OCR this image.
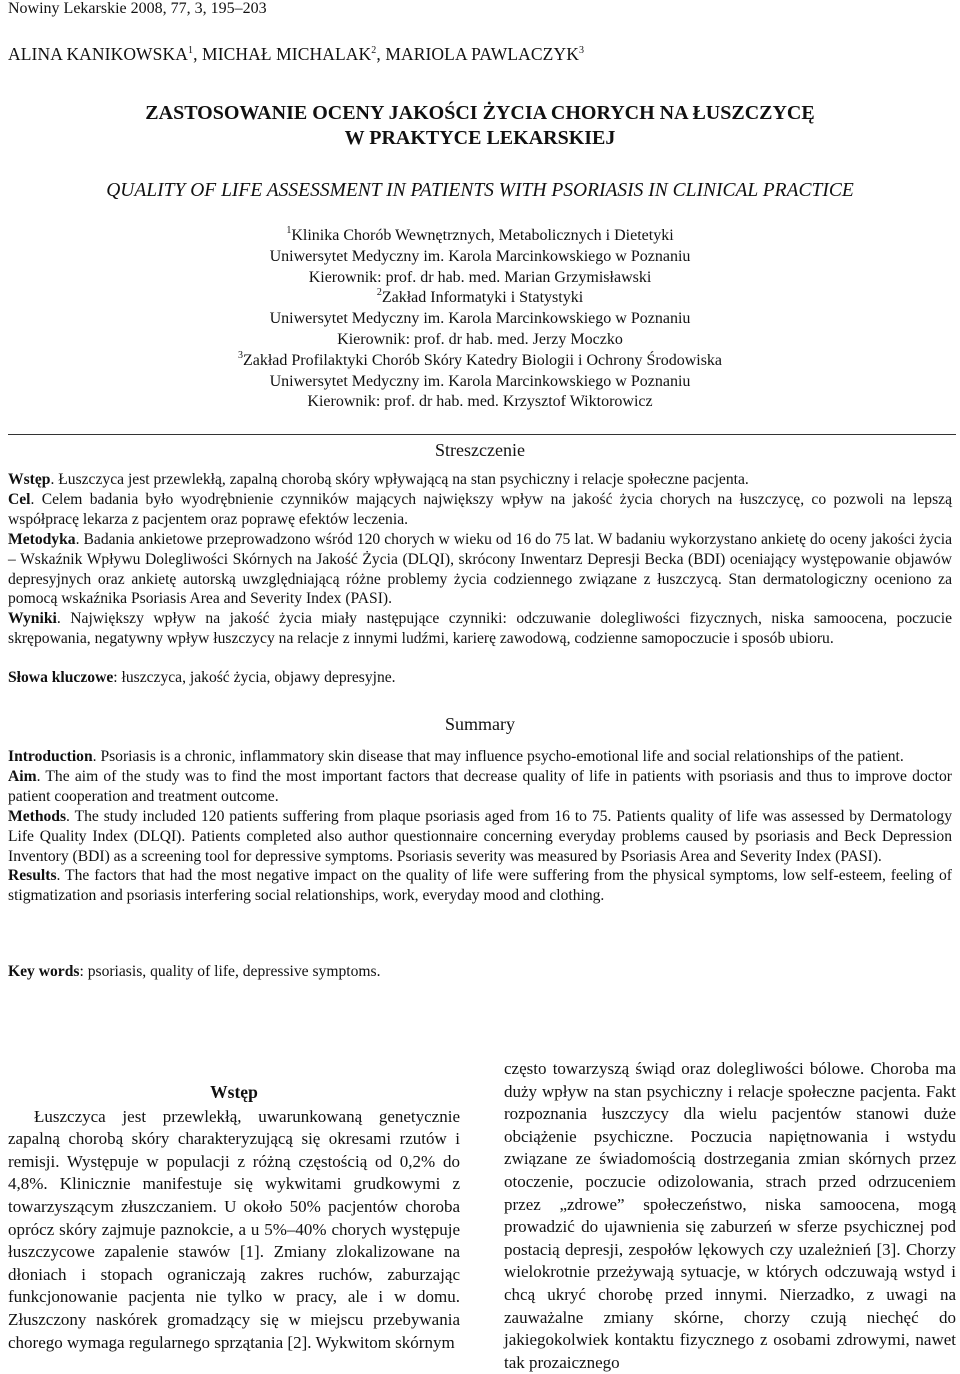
Nowiny Lekarskie 2008, 77, 3, 195–203
ALINA KANIKOWSKA$^1$, MICHAŁ MICHALAK$^2$, MARIOLA PAWLACZYK$^3$
ZASTOSOWANIE OCENY JAKOŚCI ŻYCIA CHORYCH NA ŁUSZCZYCĘ
W PRAKTYCE LEKARSKIEJ
QUALITY OF LIFE ASSESSMENT IN PATIENTS WITH PSORIASIS IN CLINICAL PRACTICE
$^1$Klinika Chorób Wewnętrznych, Metabolicznych i Dietetyki
Uniwersytet Medyczny im. Karola Marcinkowskiego w Poznaniu
Kierownik: prof. dr hab. med. Marian Grzymisławski
$^2$Zakład Informatyki i Statystyki
Uniwersytet Medyczny im. Karola Marcinkowskiego w Poznaniu
Kierownik: prof. dr hab. med. Jerzy Moczko
$^3$Zakład Profilaktyki Chorób Skóry Katedry Biologii i Ochrony Środowiska
Uniwersytet Medyczny im. Karola Marcinkowskiego w Poznaniu
Kierownik: prof. dr hab. med. Krzysztof Wiktorowicz
Streszczenie

Wstęp. Łuszczyca jest przewlekłą, zapalną chorobą skóry wpływającą na stan psychiczny i relacje społeczne pacjenta.

Cel. Celem badania było wyodrębnienie czynników mających największy wpływ na jakość życia chorych na łuszczycę, co pozwoli na lepszą współpracę lekarza z pacjentem oraz poprawę efektów leczenia.

Metodyka. Badania ankietowe przeprowadzono wśród 120 chorych w wieku od 16 do 75 lat. W badaniu wykorzystano ankietę do oceny jakości życia – Wskaźnik Wpływu Dolegliwości Skórnych na Jakość Życia (DLQI), skrócony Inwentarz Depresji Becka (BDI) oceniający występowanie objawów depresyjnych oraz ankietę autorską uwzględniającą różne problemy życia codziennego związane z łuszczycą. Stan dermatologiczny oceniono za pomocą wskaźnika Psoriasis Area and Severity Index (PASI).

Wyniki. Największy wpływ na jakość życia miały następujące czynniki: odczuwanie dolegliwości fizycznych, niska samoocena, poczucie skrępowania, negatywny wpływ łuszczycy na relacje z innymi ludźmi, karierę zawodową, codzienne samopoczucie i sposób ubioru.

Słowa kluczowe: łuszczyca, jakość życia, objawy depresyjne.
Summary

Introduction. Psoriasis is a chronic, inflammatory skin disease that may influence psycho-emotional life and social relationships of the patient.

Aim. The aim of the study was to find the most important factors that decrease quality of life in patients with psoriasis and thus to improve doctor patient cooperation and treatment outcome.

Methods. The study included 120 patients suffering from plaque psoriasis aged from 16 to 75. Patients quality of life was assessed by Dermatology Life Quality Index (DLQI). Patients completed also author questionnaire concerning everyday problems caused by psoriasis and Beck Depression Inventory (BDI) as a screening tool for depressive symptoms. Psoriasis severity was measured by Psoriasis Area and Severity Index (PASI).

Results. The factors that had the most negative impact on the quality of life were suffering from the physical symptoms, low self-esteem, feeling of stigmatization and psoriasis interfering social relationships, work, everyday mood and clothing.

Key words: psoriasis, quality of life, depressive symptoms.
Wstęp

Łuszczyca jest przewlekłą, uwarunkowaną genetycznie zapalną chorobą skóry charakteryzującą się okresami rzutów i remisji. Występuje w populacji z różną częstością od 0,2% do 4,8%. Klinicznie manifestuje się wykwitami grudkowymi z towarzyszącym złuszczaniem. U około 50% pacjentów choroba oprócz skóry zajmuje paznokcie, a u 5%–40% chorych występuje łuszczycowe zapalenie stawów [1]. Zmiany zlokalizowane na dłoniach i stopach ograniczają zakres ruchów, zaburzając funkcjonowanie pacjenta nie tylko w pracy, ale i w domu. Złuszczony naskórek gromadzący się w miejscu przebywania chorego wymaga regularnego sprzątania [2]. Wykwitom skórnym

często towarzyszą świąd oraz dolegliwości bólowe. Choroba ma duży wpływ na stan psychiczny i relacje społeczne pacjenta. Fakt rozpoznania łuszczycy dla wielu pacjentów stanowi duże obciążenie psychiczne. Poczucia napiętnowania i wstydu związane ze świadomością dostrzegania zmian skórnych przez otoczenie, poczucie odizolowania, strach przed odrzuceniem przez „zdrowe” społeczeństwo, niska samoocena, mogą prowadzić do ujawnienia się zaburzeń w sferze psychicznej pod postacią depresji, zespołów lękowych czy uzależnień [3]. Chorzy wielokrotnie przeżywają sytuacje, w których odczuwają wstyd i chcą ukryć chorobę przed innymi. Nierzadko, z uwagi na zauważalne zmiany skórne, chorzy czują niechęć do jakiegokolwiek kontaktu fizycznego z osobami zdrowymi, nawet tak prozaicznego
